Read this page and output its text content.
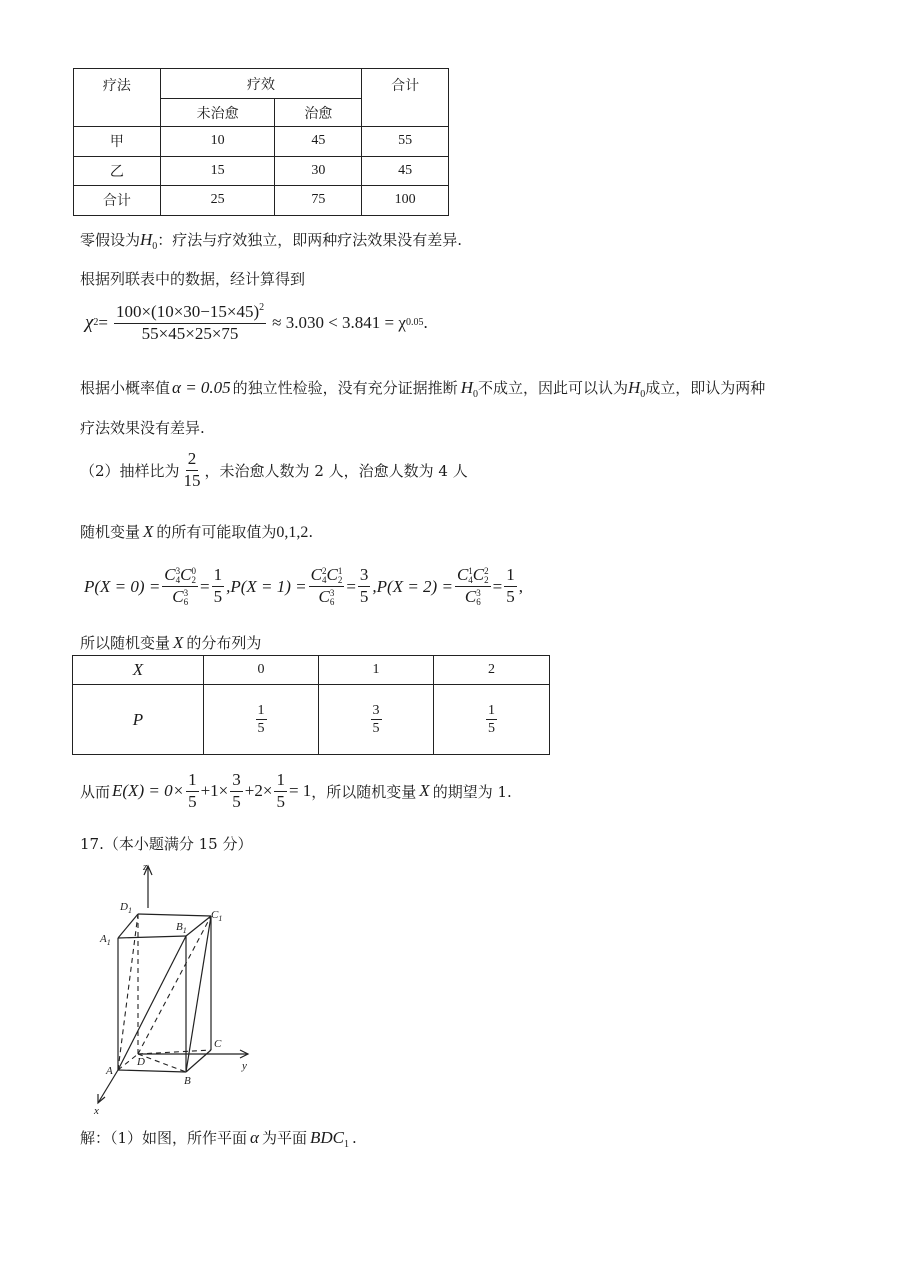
疗法	疗效		合计
	未治愈	治愈	
甲	10	45	55
乙	15	30	45
合计	25	75	100
零假设为$H_0$：疗法与疗效独立，即两种疗法效果没有差异.
根据列联表中的数据，经计算得到
χ $2 = \frac{100\times(10\times 30-15\times 45)^2}{55\times 45\times 25\times 75} \approx 3.030 < 3.841 = \chi$ 0.05 .
根据小概率值 α = 0.05 的独立性检验，没有充分证据推断 $H_0$不成立，因此可以认为$H_0$成立，即认为两种
疗法效果没有差异.
（2）抽样比为 $\frac{2}{15}$ ，未治愈人数为 2 人，治愈人数为 4 人
随机变量 X 的所有可能取值为0,1,2.
P(X = 0) = C 3
4 C 0
2
C 3
$6 = \frac{1}{5} ,P(X = 1) = C$ 2
4 C 1
2
C 3
$6 = \frac{3}{5} ,P(X = 2) = C$ 1
4 C 2
2
C 3
$6 = \frac{1}{5}$ ,
所以随机变量 X 的分布列为
X	0	1	2
P	$\frac{1}{5}$	$\frac{3}{5}$	$\frac{1}{5}$
从而 $E(X) = 0\times \frac{1}{5} +1\times \frac{3}{5} +2\times \frac{1}{5} = 1$ ，所以随机变量 X 的期望为 1.
17.（本小题满分 15 分）
z
y
x
$D_1$	$C_1$
$A_1$
$B_1$
A
B
C
D
解：（1）如图，所作平面 α 为平面 $BDC_1$ .
